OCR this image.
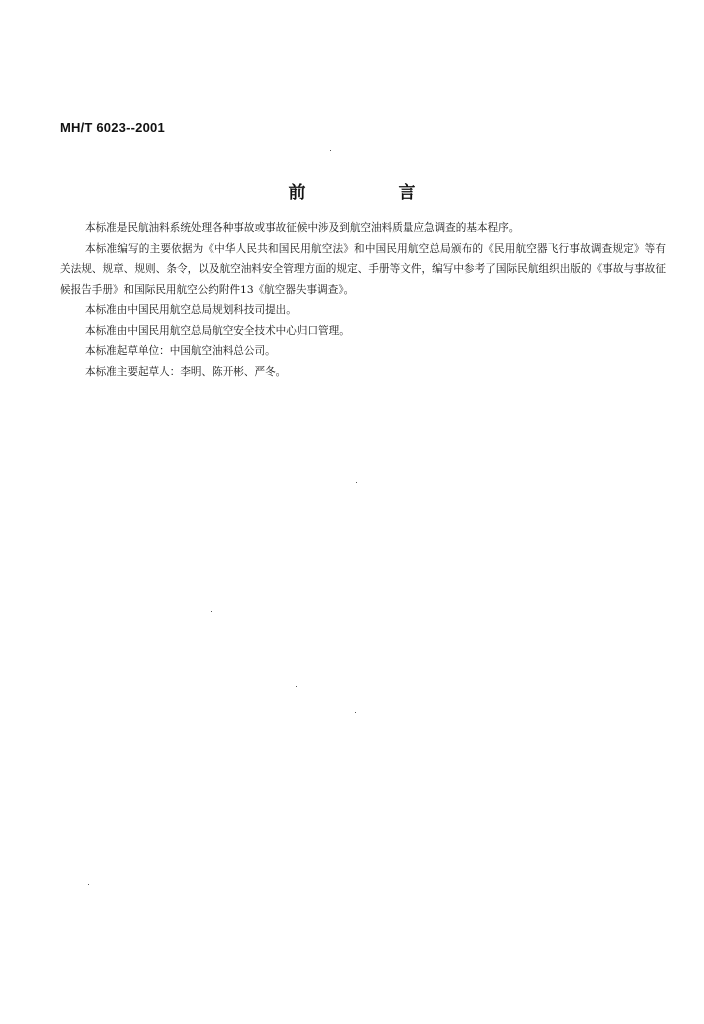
MH/T 6023--2001
前　言

本标准是民航油料系统处理各种事故或事故征候中涉及到航空油料质量应急调查的基本程序。

本标准编写的主要依据为《中华人民共和国民用航空法》和中国民用航空总局颁布的《民用航空器飞行事故调查规定》等有关法规、规章、规则、条令，以及航空油料安全管理方面的规定、手册等文件，编写中参考了国际民航组织出版的《事故与事故征候报告手册》和国际民用航空公约附件13《航空器失事调查》。

本标准由中国民用航空总局规划科技司提出。

本标准由中国民用航空总局航空安全技术中心归口管理。

本标准起草单位：中国航空油料总公司。

本标准主要起草人：李明、陈开彬、严冬。
